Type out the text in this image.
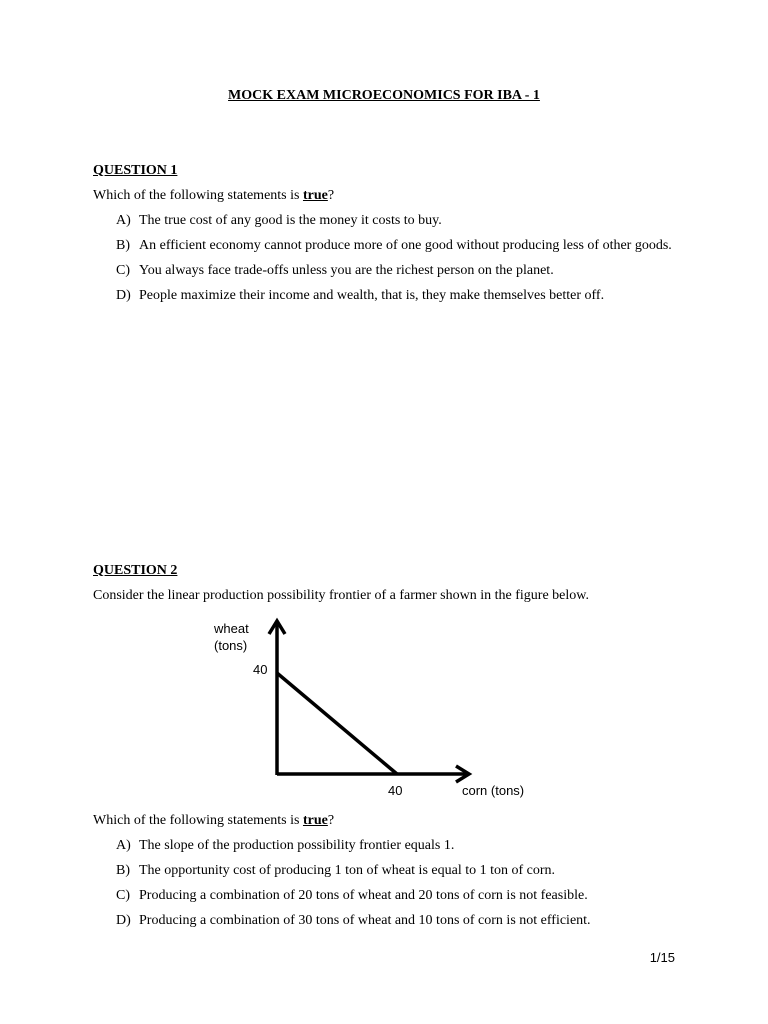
MOCK EXAM MICROECONOMICS FOR IBA - 1
QUESTION 1
Which of the following statements is true?
A) The true cost of any good is the money it costs to buy.
B) An efficient economy cannot produce more of one good without producing less of other goods.
C) You always face trade-offs unless you are the richest person on the planet.
D) People maximize their income and wealth, that is, they make themselves better off.
QUESTION 2
Consider the linear production possibility frontier of a farmer shown in the figure below.
wheat
(tons)
40
40	corn (tons)
Which of the following statements is true?
A) The slope of the production possibility frontier equals 1.
B) The opportunity cost of producing 1 ton of wheat is equal to 1 ton of corn.
C) Producing a combination of 20 tons of wheat and 20 tons of corn is not feasible.
D) Producing a combination of 30 tons of wheat and 10 tons of corn is not efficient.
1/15
